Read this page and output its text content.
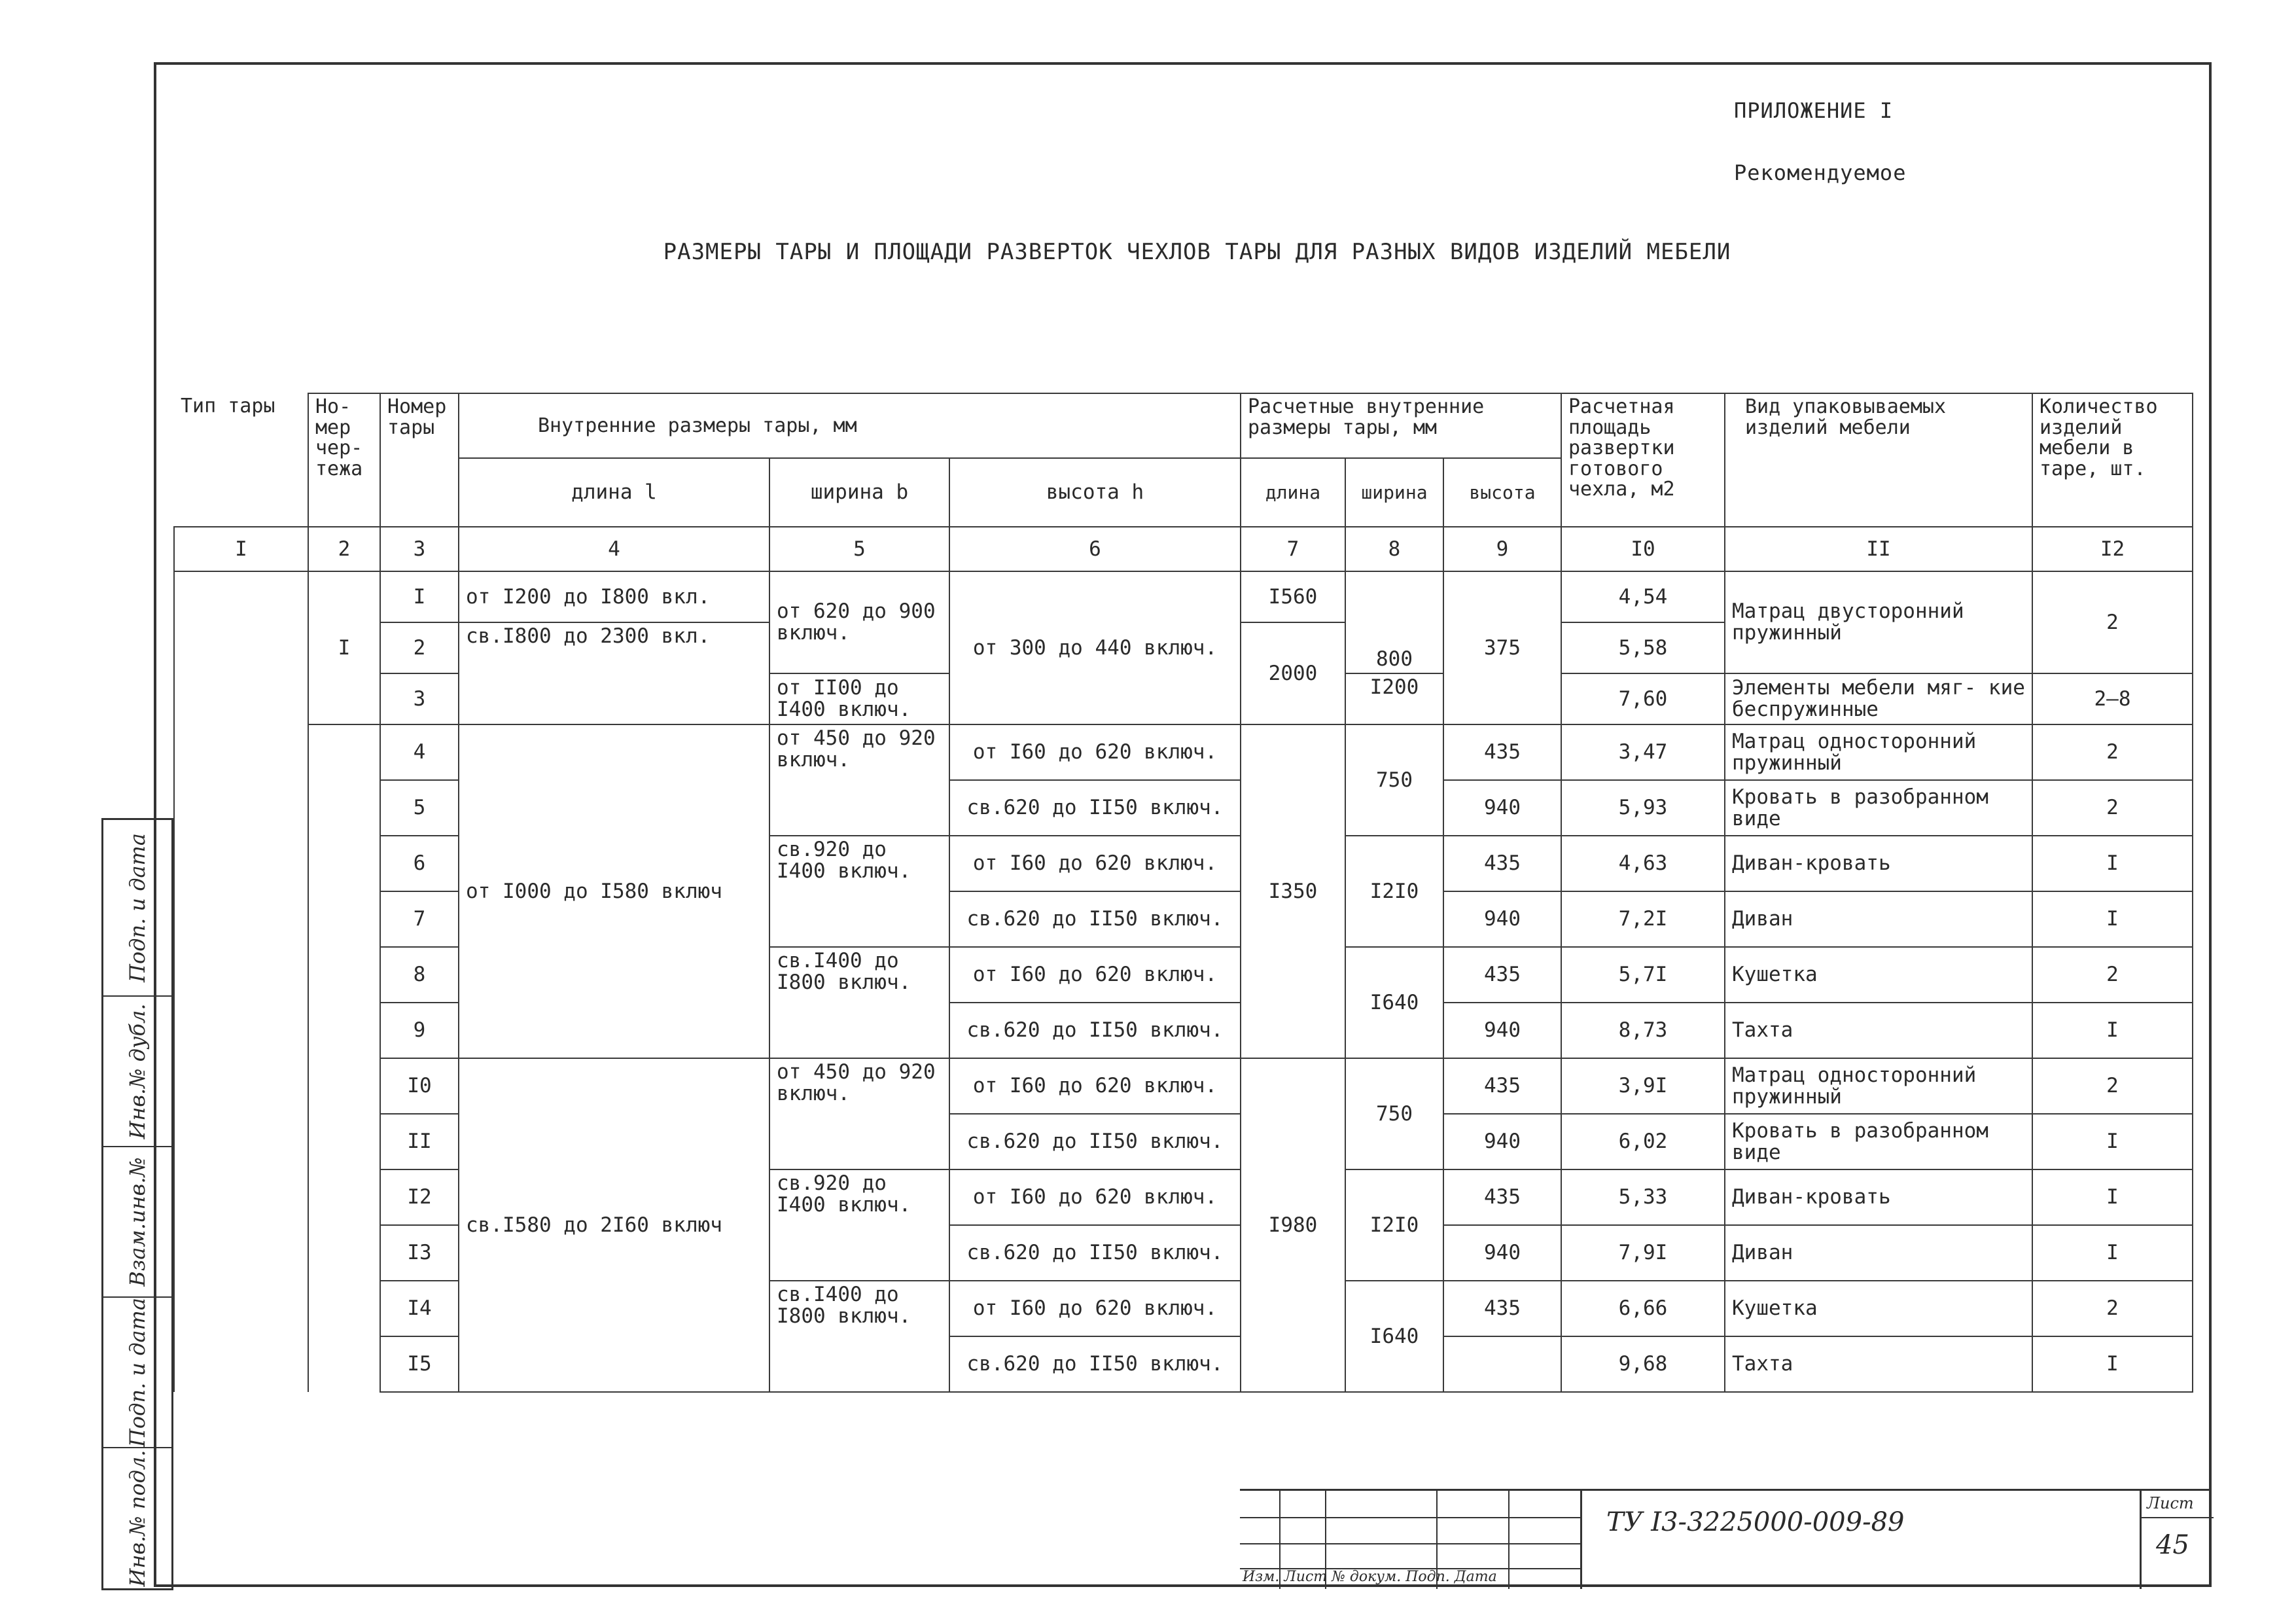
ПРИЛОЖЕНИЕ I
Рекомендуемое
РАЗМЕРЫ ТАРЫ И ПЛОЩАДИ РАЗВЕРТОК ЧЕХЛОВ ТАРЫ ДЛЯ РАЗНЫХ ВИДОВ ИЗДЕЛИЙ МЕБЕЛИ
Тип тары	Но- мер чер- тежа	Номер тары	Внутренние размеры тары, мм			Расчетные внутренние размеры тары, мм			Расчетная площадь развертки готового чехла, м2	Вид упаковываемых изделий мебели	Количество изделий мебели в таре, шт.
			длина l	ширина b	высота h	длина	ширина	высота			
I	2	3	4	5	6	7	8	9	I0	II	I2
	I	I	от I200 до I800 вкл.	от 620 до 900 включ.	от 300 до 440 включ.	I560	800	375	4,54	Матрац двусторонний пружинный	2
		2	св.I800 до 2300 вкл.			2000			5,58		
		3		от II00 до I400 включ.			I200		7,60	Элементы мебели мяг- кие беспружинные	2–8
		4	от I000 до I580 включ	от 450 до 920 включ.	от I60 до 620 включ.	I350	750	435	3,47	Матрац односторонний пружинный	2
		5			св.620 до II50 включ.			940	5,93	Кровать в разобранном виде	2
		6		св.920 до I400 включ.	от I60 до 620 включ.		I2I0	435	4,63	Диван-кровать	I
		7			св.620 до II50 включ.			940	7,2I	Диван	I
		8		св.I400 до I800 включ.	от I60 до 620 включ.		I640	435	5,7I	Кушетка	2
		9			св.620 до II50 включ.			940	8,73	Тахта	I
		I0	св.I580 до 2I60 включ	от 450 до 920 включ.	от I60 до 620 включ.	I980	750	435	3,9I	Матрац односторонний пружинный	2
		II			св.620 до II50 включ.			940	6,02	Кровать в разобранном виде	I
		I2		св.920 до I400 включ.	от I60 до 620 включ.		I2I0	435	5,33	Диван-кровать	I
		I3			св.620 до II50 включ.			940	7,9I	Диван	I
		I4		св.I400 до I800 включ.	от I60 до 620 включ.		I640	435	6,66	Кушетка	2
		I5			св.620 до II50 включ.				9,68	Тахта	I
Подп. и дата
Инв.№ дубл.
Взам.инв.№
Подп. и дата
Инв.№ подл.	Изм. Лист № докум. Подп. Дата
ТУ I3-3225000-009-89
Лист
45
